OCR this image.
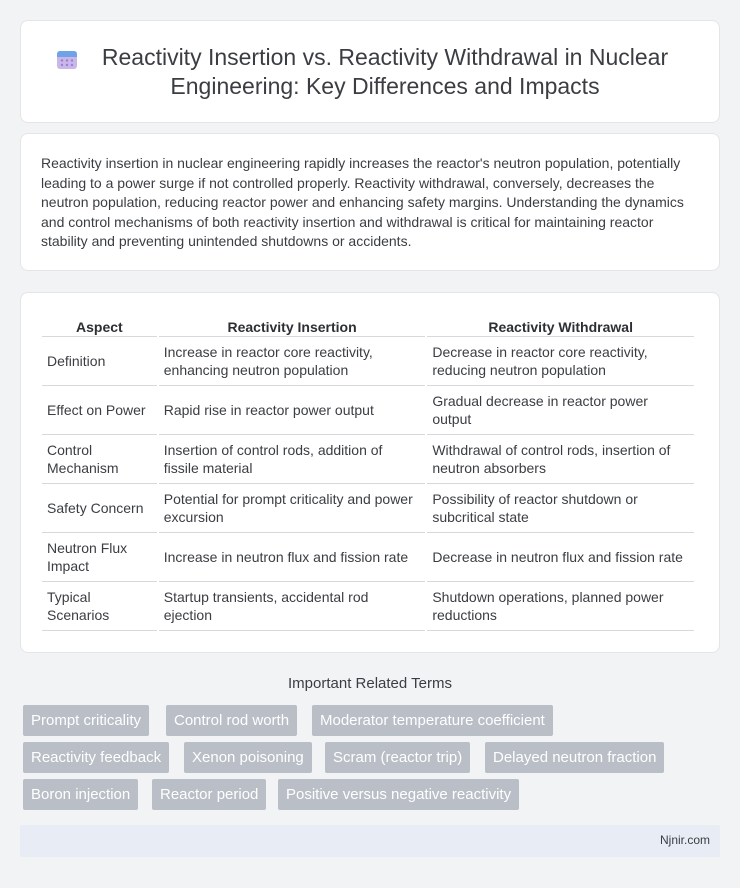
Reactivity Insertion vs. Reactivity Withdrawal in Nuclear Engineering: Key Differences and Impacts

Reactivity insertion in nuclear engineering rapidly increases the reactor's neutron population, potentially leading to a power surge if not controlled properly. Reactivity withdrawal, conversely, decreases the neutron population, reducing reactor power and enhancing safety margins. Understanding the dynamics and control mechanisms of both reactivity insertion and withdrawal is critical for maintaining reactor stability and preventing unintended shutdowns or accidents.

Aspect	Reactivity Insertion	Reactivity Withdrawal
Definition	Increase in reactor core reactivity, enhancing neutron population	Decrease in reactor core reactivity, reducing neutron population
Effect on Power	Rapid rise in reactor power output	Gradual decrease in reactor power output
Control Mechanism	Insertion of control rods, addition of fissile material	Withdrawal of control rods, insertion of neutron absorbers
Safety Concern	Potential for prompt criticality and power excursion	Possibility of reactor shutdown or subcritical state
Neutron Flux Impact	Increase in neutron flux and fission rate	Decrease in neutron flux and fission rate
Typical Scenarios	Startup transients, accidental rod ejection	Shutdown operations, planned power reductions
Important Related Terms
Prompt criticality	Control rod worth	Moderator temperature coefficient
Reactivity feedback	Xenon poisoning	Scram (reactor trip)	Delayed neutron fraction
Boron injection	Reactor period	Positive versus negative reactivity
Njnir.com
